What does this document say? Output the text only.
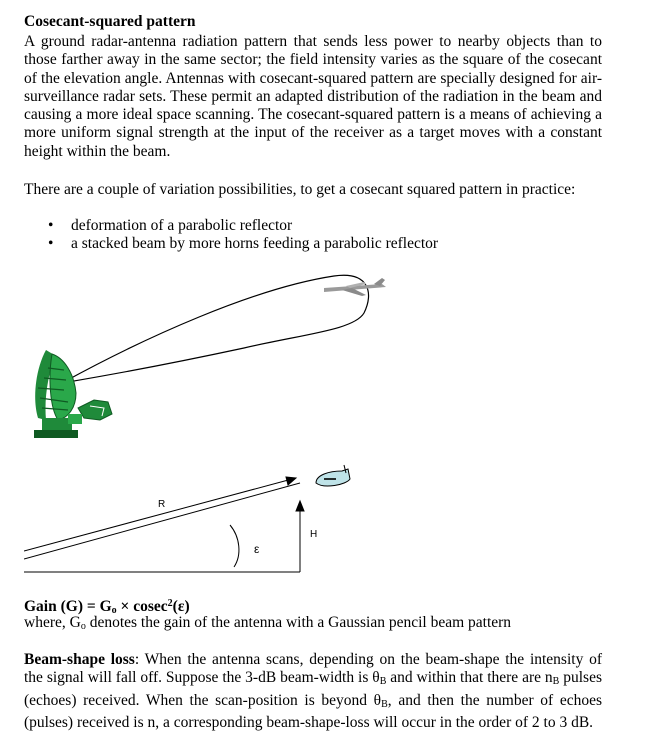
Cosecant-squared pattern
A ground radar-antenna radiation pattern that sends less power to nearby objects than to those farther away in the same sector; the field intensity varies as the square of the cosecant of the elevation angle. Antennas with cosecant-squared pattern are specially designed for air-surveillance radar sets. These permit an adapted distribution of the radiation in the beam and causing a more ideal space scanning. The cosecant-squared pattern is a means of achieving a more uniform signal strength at the input of the receiver as a target moves with a constant height within the beam.
There are a couple of variation possibilities, to get a cosecant squared pattern in practice:
• deformation of a parabolic reflector
• a stacked beam by more horns feeding a parabolic reflector
R
H
ε
Gain $(G) = G_o \times cosec^2(\varepsilon)$
where, $G_o$ denotes the gain of the antenna with a Gaussian pencil beam pattern
Beam-shape loss: When the antenna scans, depending on the beam-shape the intensity of the signal will fall off. Suppose the 3-dB beam-width is $\theta_B$ and within that there are $n_B$ pulses (echoes) received. When the scan-position is beyond $\theta_B$, and then the number of echoes (pulses) received is n, a corresponding beam-shape-loss will occur in the order of 2 to 3 dB.
